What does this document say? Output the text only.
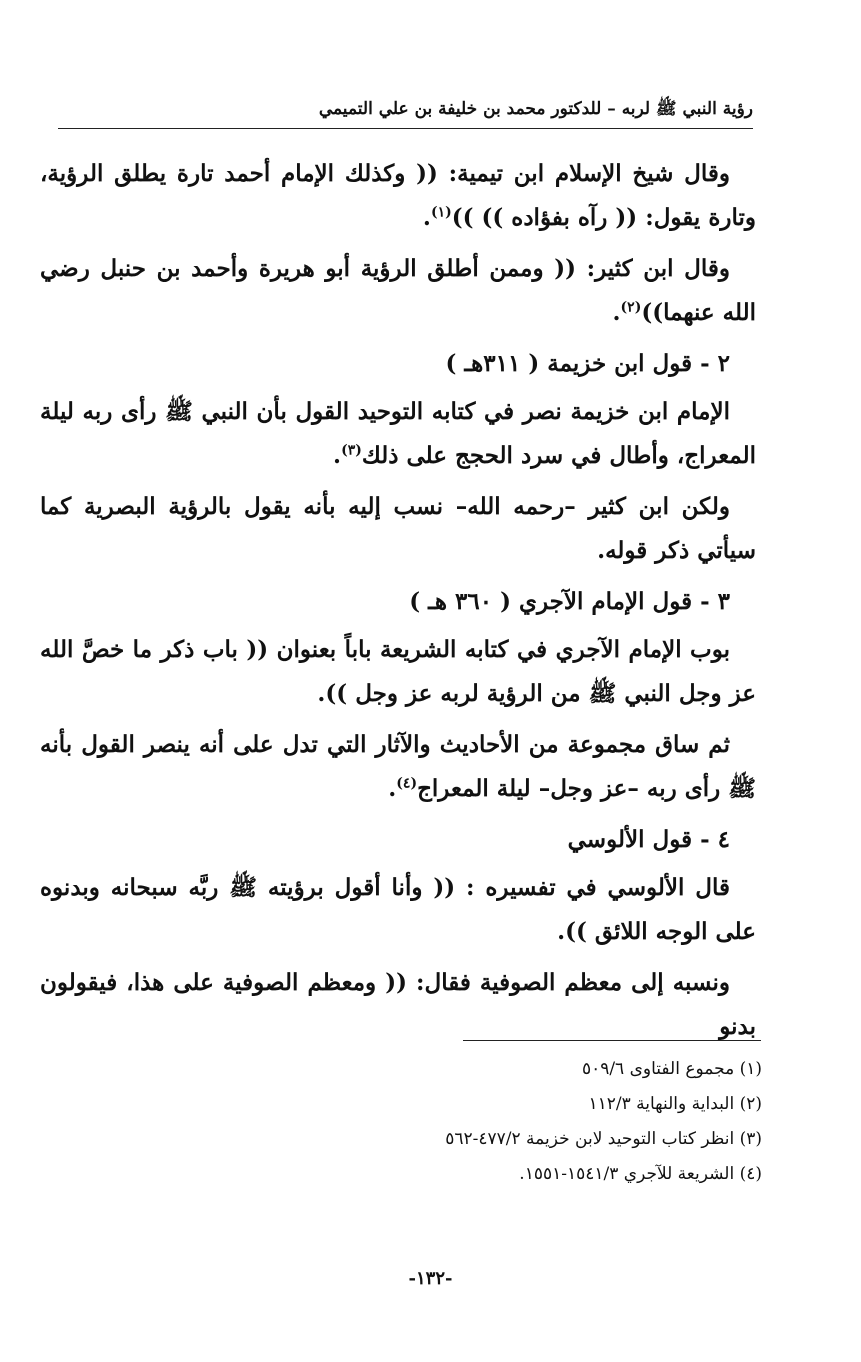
رؤية النبي ﷺ لربه – للدكتور محمد بن خليفة بن علي التميمي

وقال شيخ الإسلام ابن تيمية: (( وكذلك الإمام أحمد تارة يطلق الرؤية، وتارة يقول: (( رآه بفؤاده )) ))$^{(١)}$.

وقال ابن كثير: (( وممن أطلق الرؤية أبو هريرة وأحمد بن حنبل رضي الله عنهما))$^{(٢)}$.

٢ - قول ابن خزيمة ( ٣١١هـ )

الإمام ابن خزيمة نصر في كتابه التوحيد القول بأن النبي ﷺ رأى ربه ليلة المعراج، وأطال في سرد الحجج على ذلك$^{(٣)}$.

ولكن ابن كثير –رحمه الله– نسب إليه بأنه يقول بالرؤية البصرية كما سيأتي ذكر قوله.

٣ - قول الإمام الآجري ( ٣٦٠ هـ )

بوب الإمام الآجري في كتابه الشريعة باباً بعنوان (( باب ذكر ما خصَّ الله عز وجل النبي ﷺ من الرؤية لربه عز وجل )).

ثم ساق مجموعة من الأحاديث والآثار التي تدل على أنه ينصر القول بأنه ﷺ رأى ربه –عز وجل– ليلة المعراج$^{(٤)}$.

٤ - قول الألوسي

قال الألوسي في تفسيره : (( وأنا أقول برؤيته ﷺ ربَّه سبحانه وبدنوه على الوجه اللائق )).

ونسبه إلى معظم الصوفية فقال: (( ومعظم الصوفية على هذا، فيقولون بدنو

(١) مجموع الفتاوى ٥٠٩/٦
(٢) البداية والنهاية ١١٢/٣
(٣) انظر كتاب التوحيد لابن خزيمة ٤٧٧/٢-٥٦٢
(٤) الشريعة للآجري ١٥٤١/٣-١٥٥١.
-١٣٢-
